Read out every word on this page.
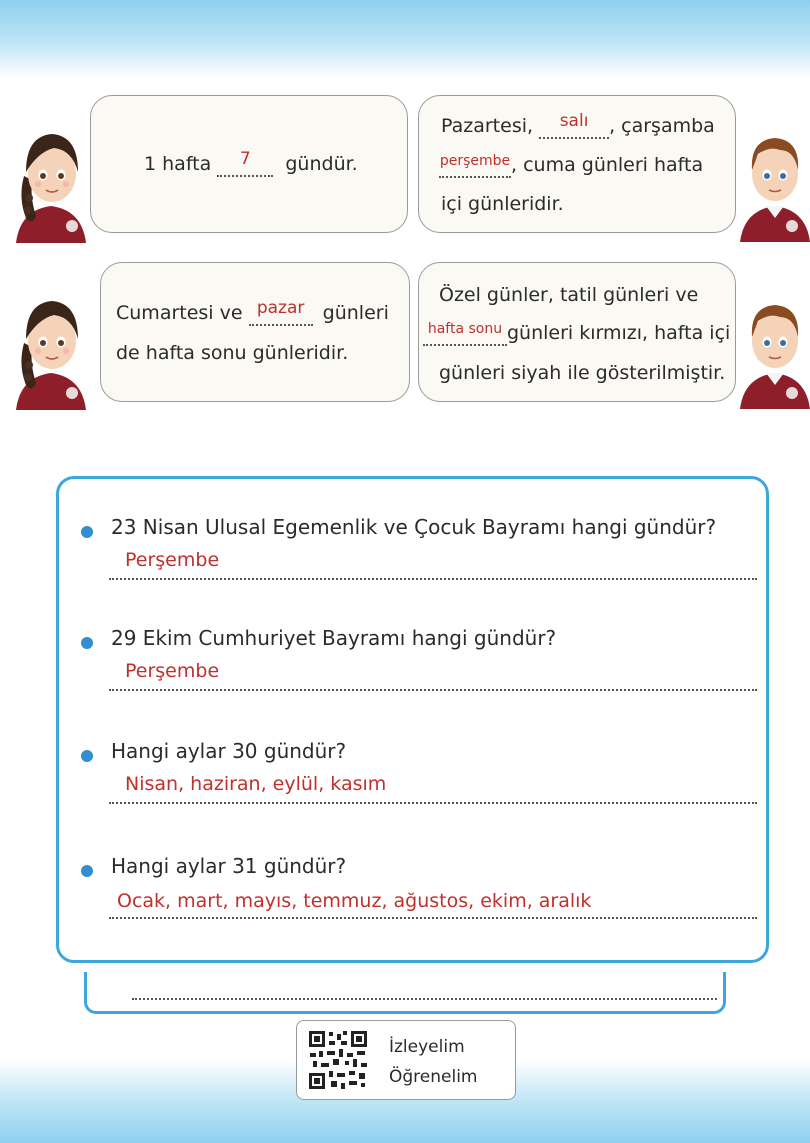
1 hafta 7 gündür.
Pazartesi, salı , çarşamba
perşembe, cuma günleri hafta
içi günleridir.
Cumartesi ve pazar günleri
de hafta sonu günleridir.
Özel günler, tatil günleri ve
hafta sonu günleri kırmızı, hafta içi
günleri siyah ile gösterilmiştir.
23 Nisan Ulusal Egemenlik ve Çocuk Bayramı hangi gündür?
Perşembe
29 Ekim Cumhuriyet Bayramı hangi gündür?
Perşembe
Hangi aylar 30 gündür?
Nisan, haziran, eylül, kasım
Hangi aylar 31 gündür?
Ocak, mart, mayıs, temmuz, ağustos, ekim, aralık
İzleyelim
Öğrenelim
